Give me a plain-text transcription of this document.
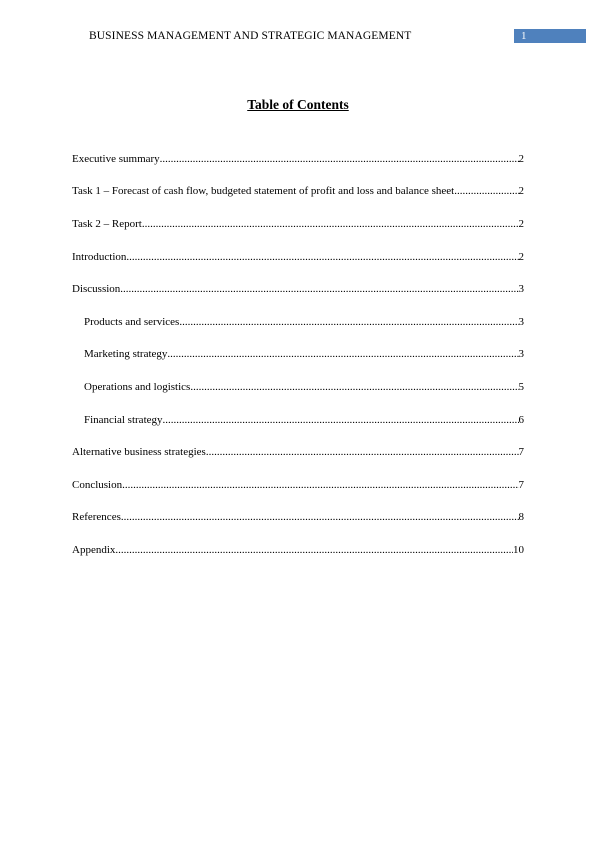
BUSINESS MANAGEMENT AND STRATEGIC MANAGEMENT	1
Table of Contents
Executive summary .....	2
Task 1 – Forecast of cash flow, budgeted statement of profit and loss and balance sheet .....	2
Task 2 – Report .....	2
Introduction .....	2
Discussion .....	3
Products and services .....	3
Marketing strategy .....	3
Operations and logistics .....	5
Financial strategy .....	6
Alternative business strategies .....	7
Conclusion .....	7
References .....	8
Appendix .....	10
